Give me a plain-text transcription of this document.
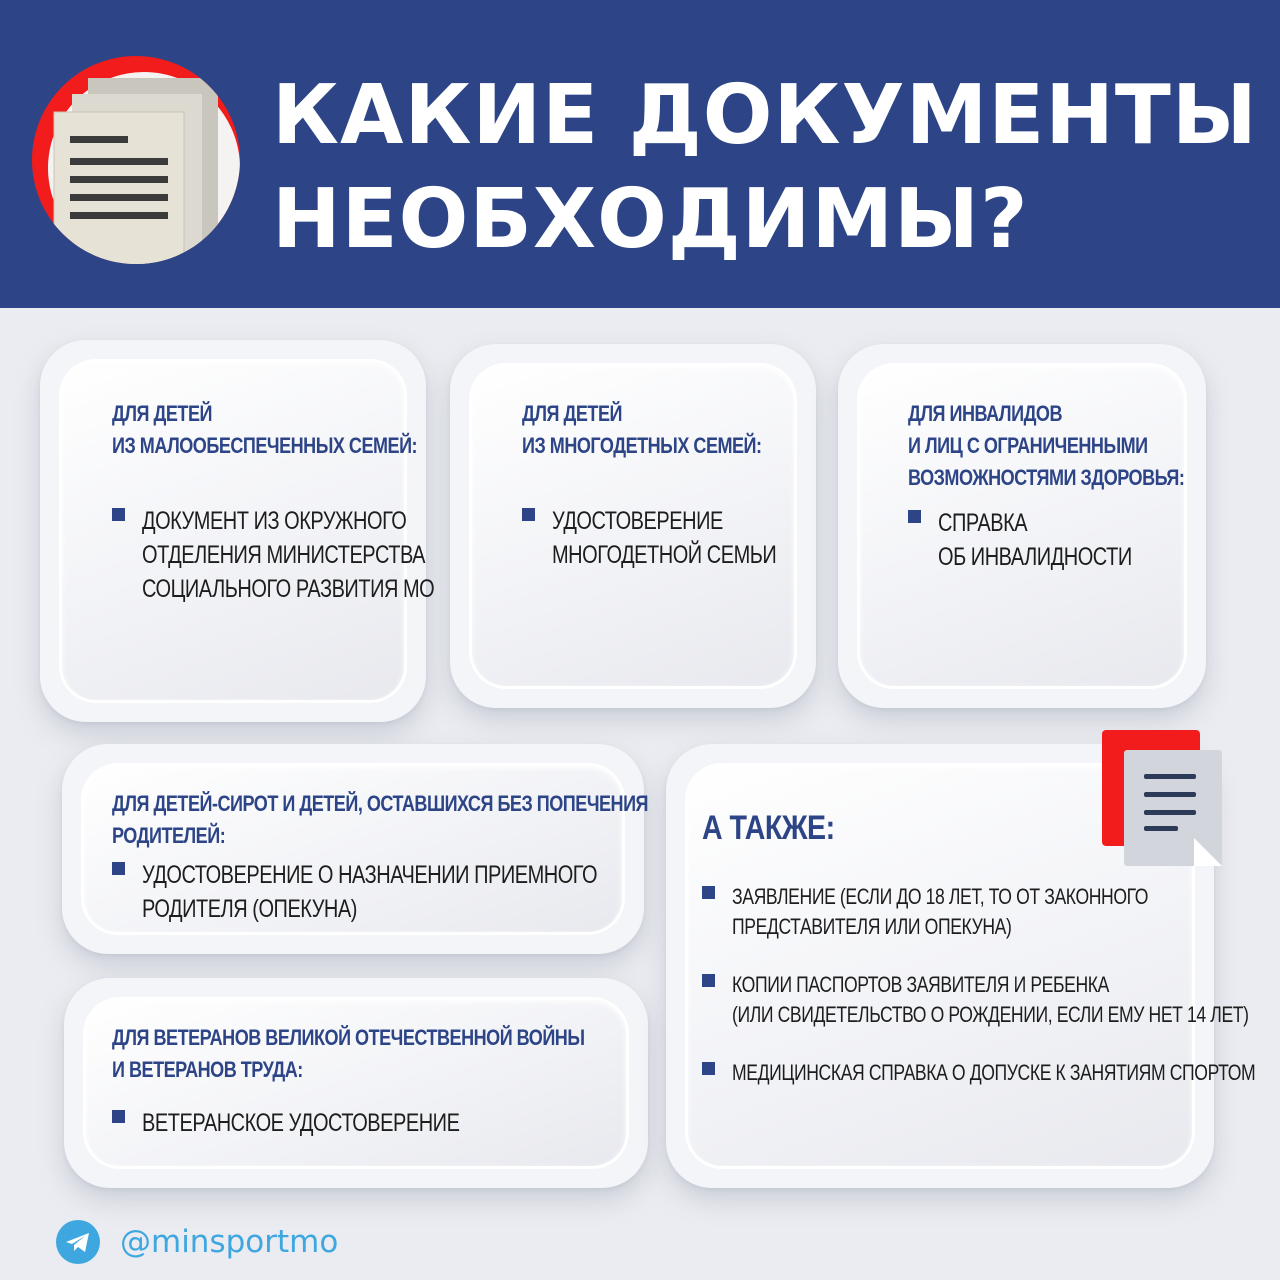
КАКИЕ ДОКУМЕНТЫ
НЕОБХОДИМЫ?
ДЛЯ ДЕТЕЙ
ИЗ МАЛООБЕСПЕЧЕННЫХ СЕМЕЙ:
ДОКУМЕНТ ИЗ ОКРУЖНОГО
ОТДЕЛЕНИЯ МИНИСТЕРСТВА
СОЦИАЛЬНОГО РАЗВИТИЯ МО
ДЛЯ ДЕТЕЙ
ИЗ МНОГОДЕТНЫХ СЕМЕЙ:
УДОСТОВЕРЕНИЕ
МНОГОДЕТНОЙ СЕМЬИ
ДЛЯ ИНВАЛИДОВ
И ЛИЦ С ОГРАНИЧЕННЫМИ
ВОЗМОЖНОСТЯМИ ЗДОРОВЬЯ:
СПРАВКА
ОБ ИНВАЛИДНОСТИ
ДЛЯ ДЕТЕЙ-СИРОТ И ДЕТЕЙ, ОСТАВШИХСЯ БЕЗ ПОПЕЧЕНИЯ
РОДИТЕЛЕЙ:
УДОСТОВЕРЕНИЕ О НАЗНАЧЕНИИ ПРИЕМНОГО
РОДИТЕЛЯ (ОПЕКУНА)
ДЛЯ ВЕТЕРАНОВ ВЕЛИКОЙ ОТЕЧЕСТВЕННОЙ ВОЙНЫ
И ВЕТЕРАНОВ ТРУДА:
ВЕТЕРАНСКОЕ УДОСТОВЕРЕНИЕ
А ТАКЖЕ:
ЗАЯВЛЕНИЕ (ЕСЛИ ДО 18 ЛЕТ, ТО ОТ ЗАКОННОГО
ПРЕДСТАВИТЕЛЯ ИЛИ ОПЕКУНА)
КОПИИ ПАСПОРТОВ ЗАЯВИТЕЛЯ И РЕБЕНКА
(ИЛИ СВИДЕТЕЛЬСТВО О РОЖДЕНИИ, ЕСЛИ ЕМУ НЕТ 14 ЛЕТ)
МЕДИЦИНСКАЯ СПРАВКА О ДОПУСКЕ К ЗАНЯТИЯМ СПОРТОМ
@minsportmo
